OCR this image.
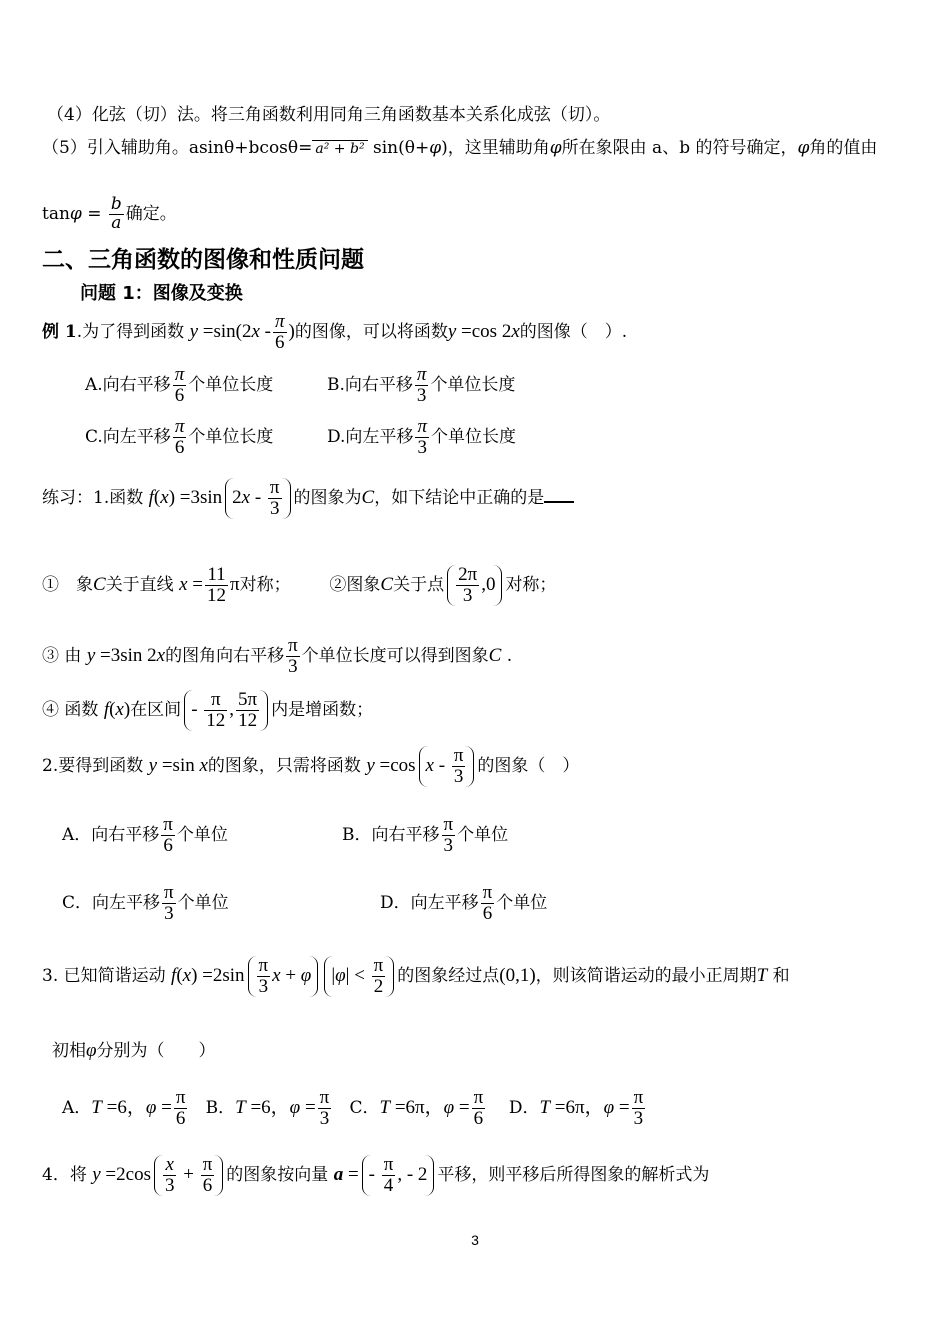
（4）化弦（切）法。将三角函数利用同角三角函数基本关系化成弦（切）。
（5）引入辅助角。asinθ+bcosθ= a² + b² sin(θ+φ)，这里辅助角φ所在象限由 a、b 的符号确定，φ角的值由
$\tan\varphi = \frac{b}{a}$ 确定。
二、三角函数的图像和性质问题
问题 1：图像及变换
例 1.为了得到函数 $y =\sin(2x - \frac{\pi}{6}$ )的图像，可以将函数y =cos 2x的图像（　）.
A.向右平移 $\frac{\pi}{6}$ 个单位长度	B.向右平移 $\frac{\pi}{3}$ 个单位长度
C.向左平移 $\frac{\pi}{6}$ 个单位长度	D.向左平移 $\frac{\pi}{3}$ 个单位长度
练习：1.函数 f(x) =3sin $2x - \frac{\pi}{3}$ 的图象为C，如下结论中正确的是
①　象C关于直线 $x = \frac{11}{12}$ π对称； ②图象C关于点 $\frac{2\pi}{3} ,0$ 对称；
③ 由 y =3sin 2x的图角向右平移 $\frac{\pi}{3}$ 个单位长度可以得到图象C .
④ 函数 f(x)在区间 - $\frac{\pi}{12}$ , $\frac{5\pi}{12}$ 内是增函数；
2.要得到函数 y =sin x的图象，只需将函数 y =cos x - $\frac{\pi}{3}$ 的图象（　）
A．向右平移 $\frac{\pi}{6}$ 个单位	B．向右平移 $\frac{\pi}{3}$ 个单位
C．向左平移 $\frac{\pi}{3}$ 个单位	D．向左平移 $\frac{\pi}{6}$ 个单位
3. 已知简谐运动 $f(x) =2\sin \frac{\pi}{3}$ x + φ $|\varphi| < \frac{\pi}{2}$ 的图象经过点(0,1)，则该简谐运动的最小正周期T 和
初相φ分别为（　　）
A．T =6，$\varphi = \frac{\pi}{6}$ B．T =6，$\varphi = \frac{\pi}{3}$ C．T =6π，$\varphi = \frac{\pi}{6}$ D．T =6π，$\varphi = \frac{\pi}{3}$
4．将 $y =2\cos \frac{x}{3} + \frac{\pi}{6}$ 的图象按向量 a = - $\frac{\pi}{4}$ , - 2 平移，则平移后所得图象的解析式为
3
